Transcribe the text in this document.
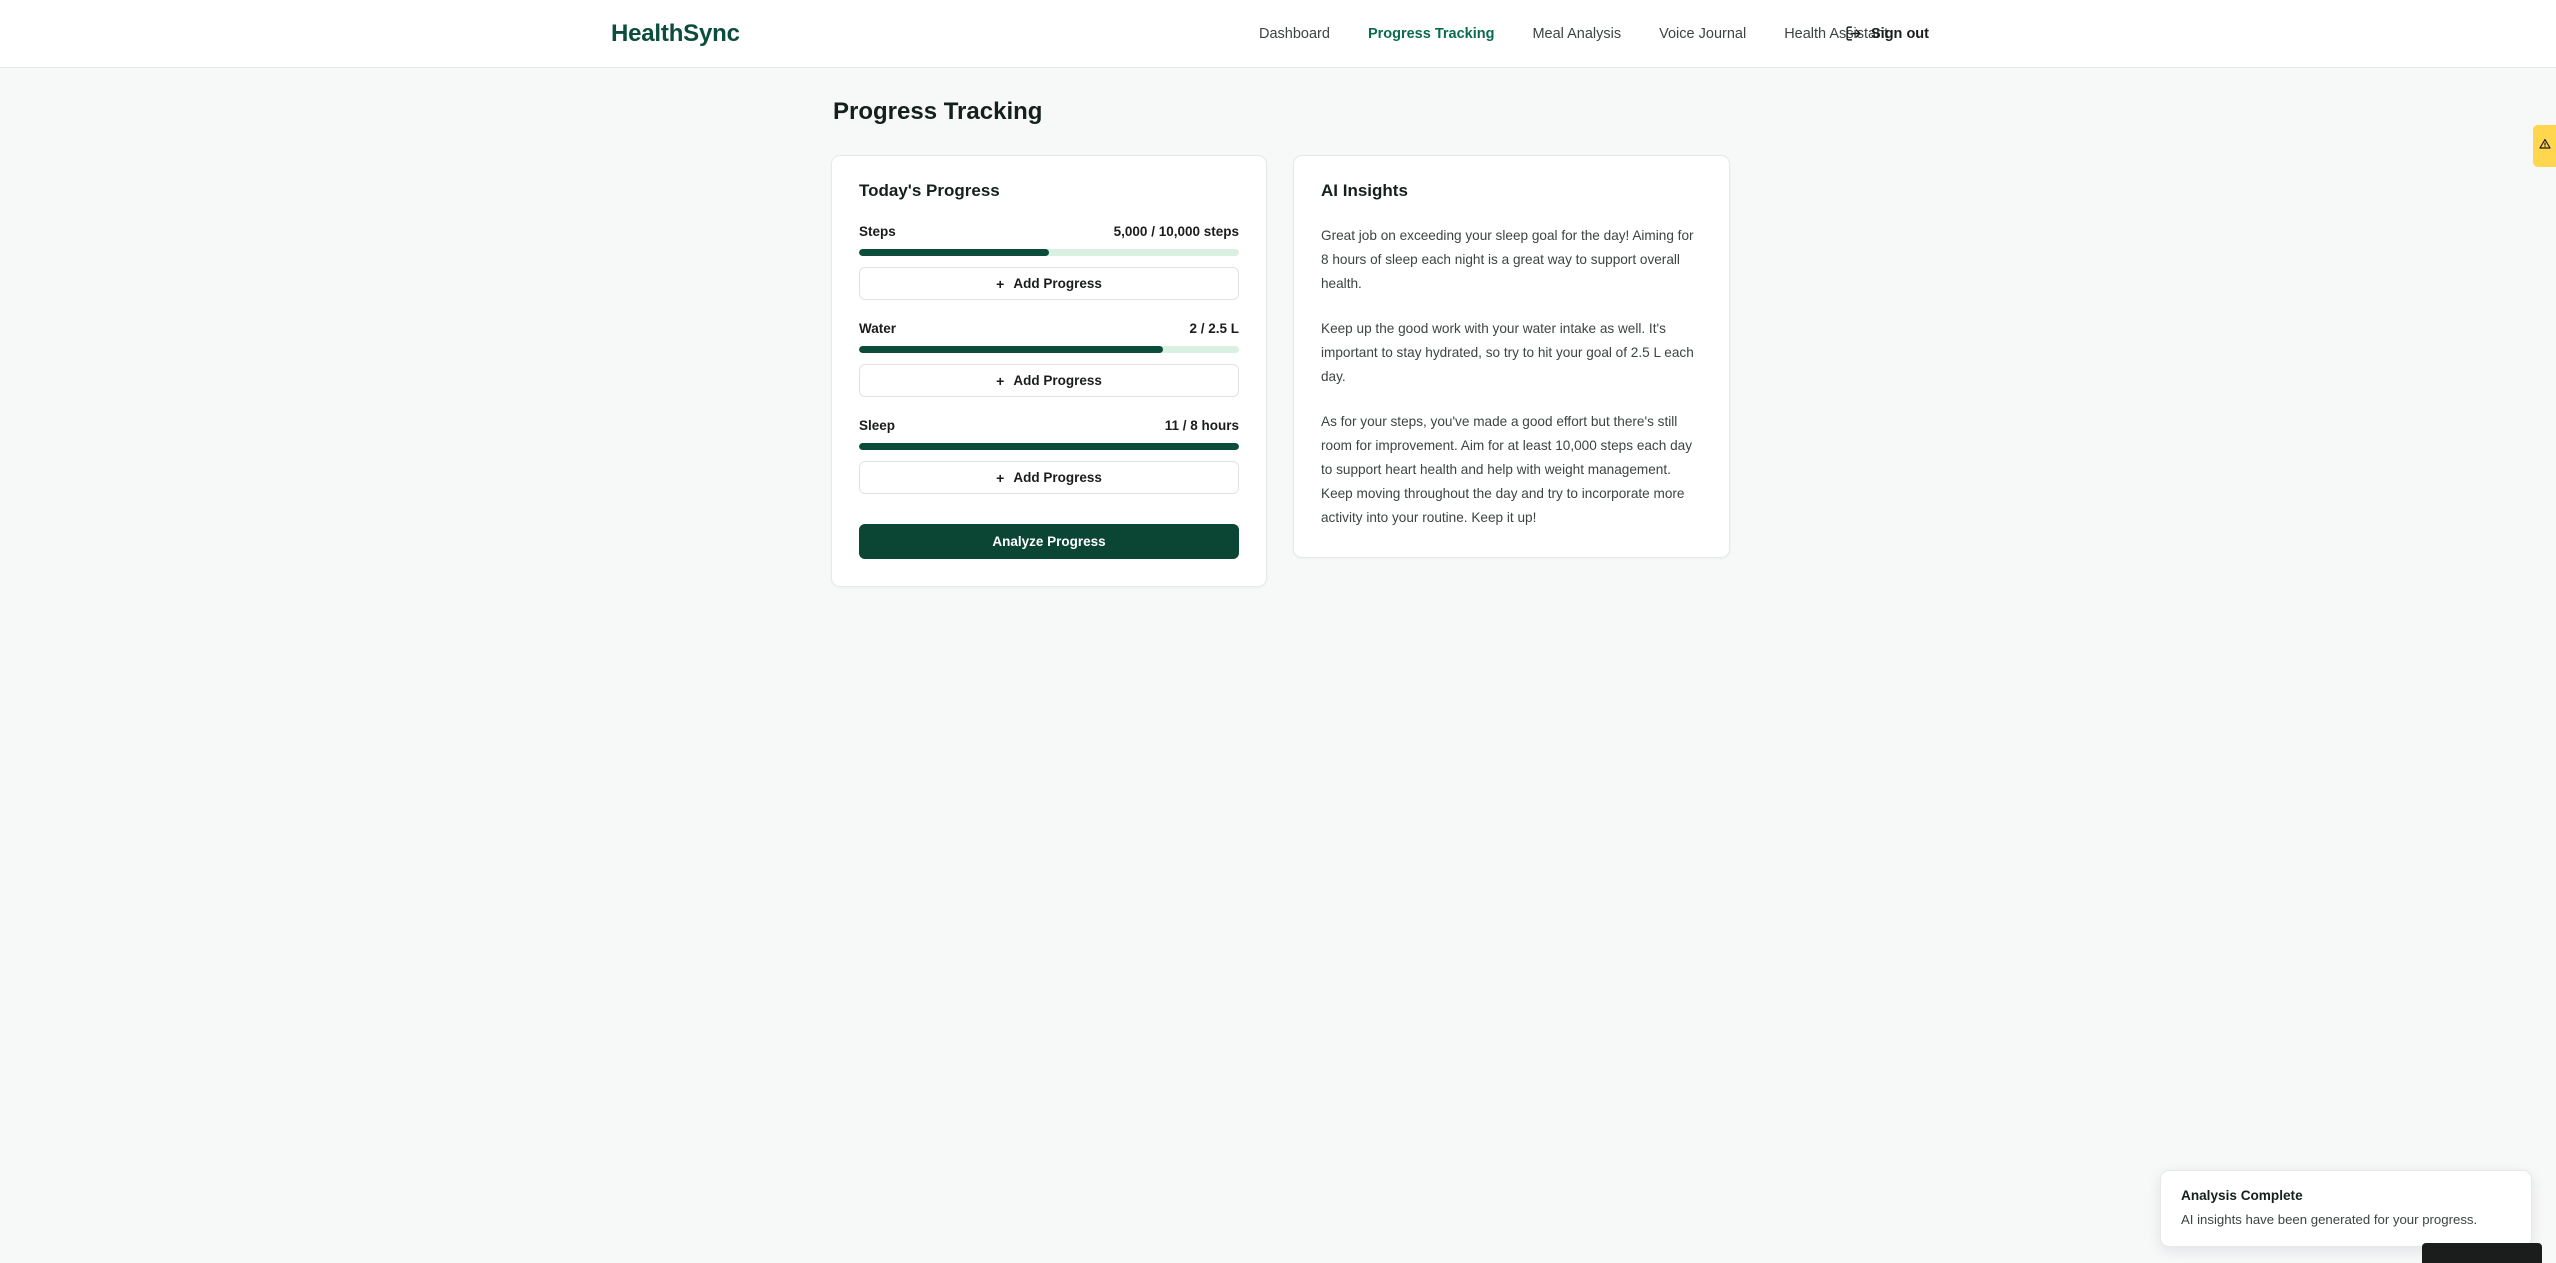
HealthSync	Dashboard	Progress Tracking	Meal Analysis	Voice Journal	Health Assistant
Sign out
Progress Tracking
Today's Progress
Steps	5,000 / 10,000 steps
+ Add Progress
Water	2 / 2.5 L
+ Add Progress
Sleep	11 / 8 hours
+ Add Progress
Analyze Progress
AI Insights

Great job on exceeding your sleep goal for the day! Aiming for 8 hours of sleep each night is a great way to support overall health.

Keep up the good work with your water intake as well. It's important to stay hydrated, so try to hit your goal of 2.5 L each day.

As for your steps, you've made a good effort but there's still room for improvement. Aim for at least 10,000 steps each day to support heart health and help with weight management. Keep moving throughout the day and try to incorporate more activity into your routine. Keep it up!

Analysis Complete
AI insights have been generated for your progress.
